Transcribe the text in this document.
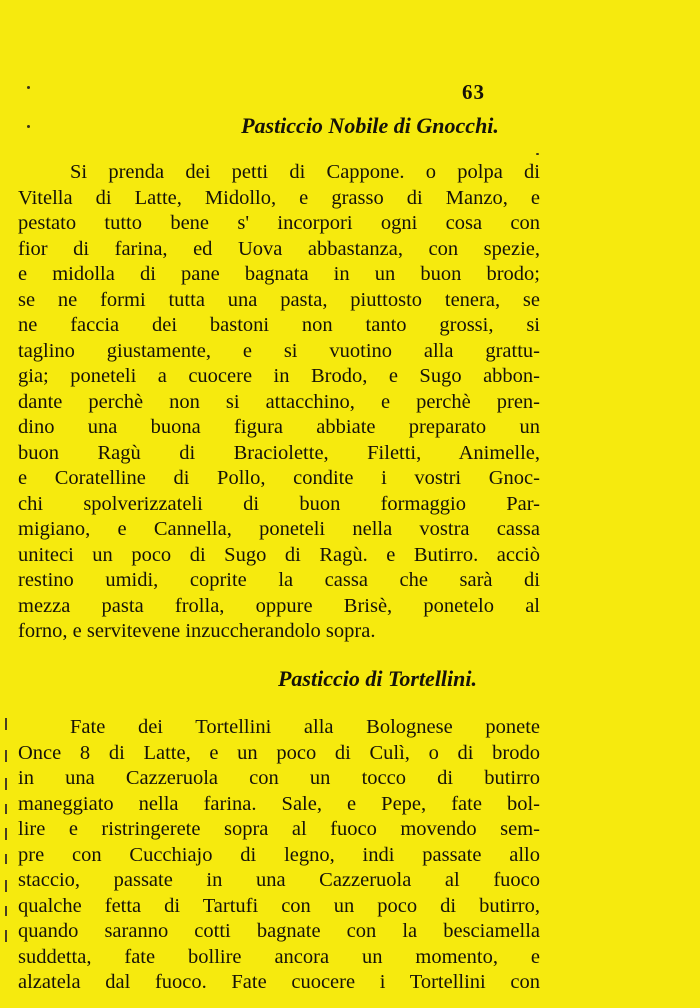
63
Pasticcio Nobile di Gnocchi.
Si prenda dei petti di Cappone. o polpa di
Vitella di Latte, Midollo, e grasso di Manzo, e
pestato tutto bene s' incorpori ogni cosa con
fior di farina, ed Uova abbastanza, con spezie,
e midolla di pane bagnata in un buon brodo;
se ne formi tutta una pasta, piuttosto tenera, se
ne faccia dei bastoni non tanto grossi, si
taglino giustamente, e si vuotino alla grattu-
gia; poneteli a cuocere in Brodo, e Sugo abbon-
dante perchè non si attacchino, e perchè pren-
dino una buona figura abbiate preparato un
buon Ragù di Braciolette, Filetti, Animelle,
e Coratelline di Pollo, condite i vostri Gnoc-
chi spolverizzateli di buon formaggio Par-
migiano, e Cannella, poneteli nella vostra cassa
uniteci un poco di Sugo di Ragù. e Butirro. acciò
restino umidi, coprite la cassa che sarà di
mezza pasta frolla, oppure Brisè, ponetelo al
forno, e servitevene inzuccherandolo sopra.
Pasticcio di Tortellini.
Fate dei Tortellini alla Bolognese ponete
Once 8 di Latte, e un poco di Culì, o di brodo
in una Cazzeruola con un tocco di butirro
maneggiato nella farina. Sale, e Pepe, fate bol-
lire e ristringerete sopra al fuoco movendo sem-
pre con Cucchiajo di legno, indi passate allo
staccio, passate in una Cazzeruola al fuoco
qualche fetta di Tartufi con un poco di butirro,
quando saranno cotti bagnate con la besciamella
suddetta, fate bollire ancora un momento, e
alzatela dal fuoco. Fate cuocere i Tortellini con
